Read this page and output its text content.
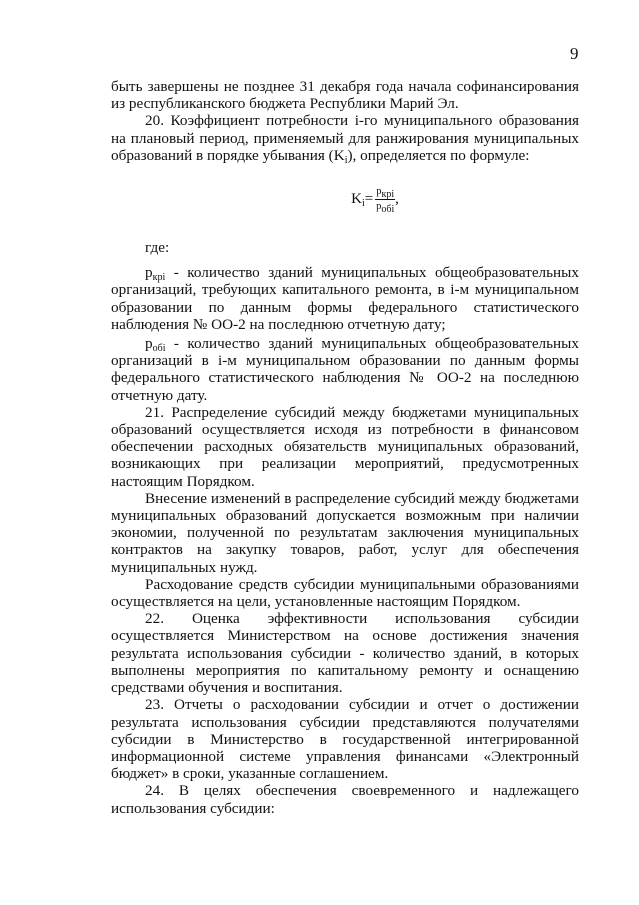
9

быть завершены не позднее 31 декабря года начала софинансирования из республиканского бюджета Республики Марий Эл.

20. Коэффициент потребности i-го муниципального образования на плановый период, применяемый для ранжирования муниципальных образований в порядке убывания $(K_i)$, определяется по формуле:

$K_i= \frac{p_{крi}}{p_{обi}}$ ,

где:

$p_{крi}$ - количество зданий муниципальных общеобразовательных организаций, требующих капитального ремонта, в i-м муниципальном образовании по данным формы федерального статистического наблюдения № ОО-2 на последнюю отчетную дату;

$p_{обi}$ - количество зданий муниципальных общеобразовательных организаций в i-м муниципальном образовании по данным формы федерального статистического наблюдения № ОО-2 на последнюю отчетную дату.

21. Распределение субсидий между бюджетами муниципальных образований осуществляется исходя из потребности в финансовом обеспечении расходных обязательств муниципальных образований, возникающих при реализации мероприятий, предусмотренных настоящим Порядком.

Внесение изменений в распределение субсидий между бюджетами муниципальных образований допускается возможным при наличии экономии, полученной по результатам заключения муниципальных контрактов на закупку товаров, работ, услуг для обеспечения муниципальных нужд.

Расходование средств субсидии муниципальными образованиями осуществляется на цели, установленные настоящим Порядком.

22. Оценка эффективности использования субсидии осуществляется Министерством на основе достижения значения результата использования субсидии - количество зданий, в которых выполнены мероприятия по капитальному ремонту и оснащению средствами обучения и воспитания.

23. Отчеты о расходовании субсидии и отчет о достижении результата использования субсидии представляются получателями субсидии в Министерство в государственной интегрированной информационной системе управления финансами «Электронный бюджет» в сроки, указанные соглашением.

24. В целях обеспечения своевременного и надлежащего использования субсидии:
